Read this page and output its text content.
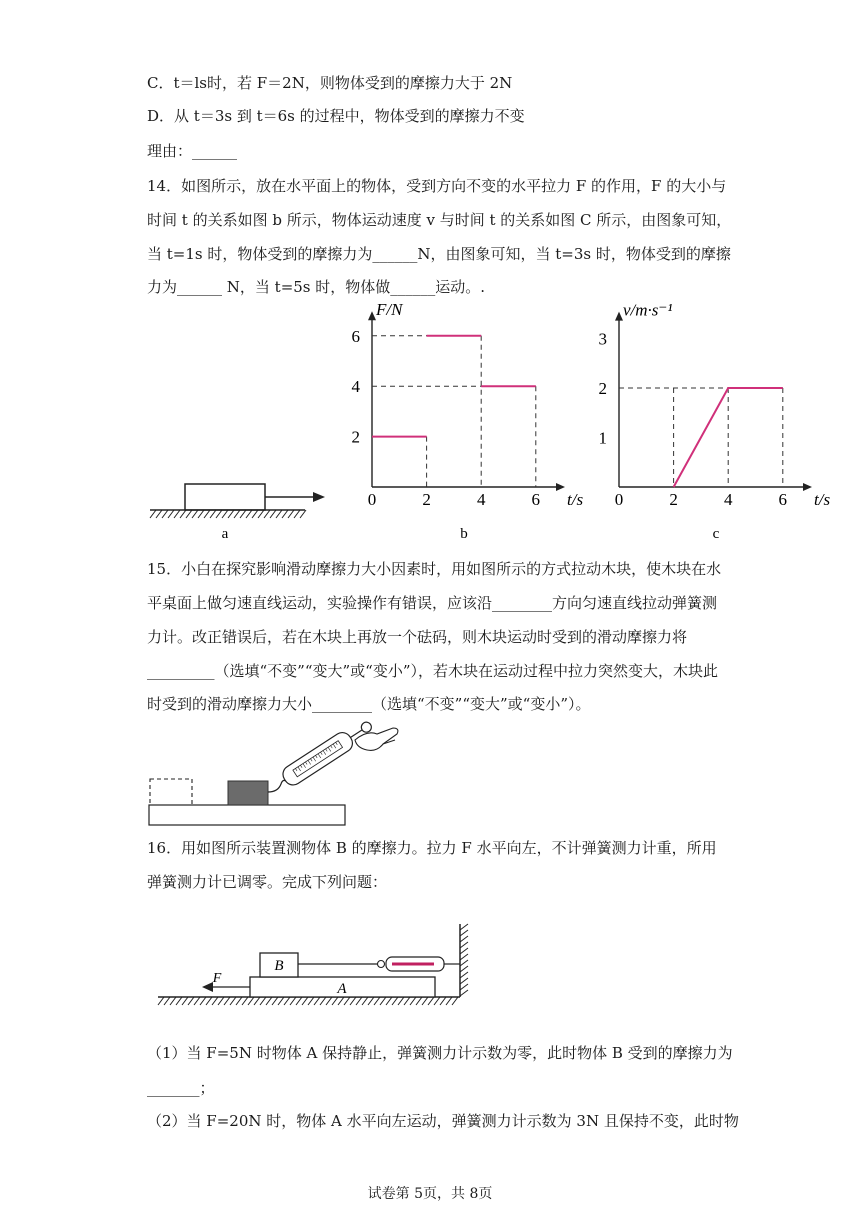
C．t＝ls时，若 F＝2N，则物体受到的摩擦力大于 2N
D．从 t＝3s 到 t＝6s 的过程中，物体受到的摩擦力不变
理由：______
14．如图所示，放在水平面上的物体，受到方向不变的水平拉力 F 的作用，F 的大小与
时间 t 的关系如图 b 所示，物体运动速度 v 与时间 t 的关系如图 C 所示，由图象可知，
当 t=1s 时，物体受到的摩擦力为______N，由图象可知，当 t=3s 时，物体受到的摩擦
力为______ N，当 t=5s 时，物体做______运动。.
a
F/N
t/s
0	2	4	6
2
4
6
b
v/m·s⁻¹
t/s
0	2	4	6
1
2
3
c
15．小白在探究影响滑动摩擦力大小因素时，用如图所示的方式拉动木块，使木块在水
平桌面上做匀速直线运动，实验操作有错误，应该沿________方向匀速直线拉动弹簧测
力计。改正错误后，若在木块上再放一个砝码，则木块运动时受到的滑动摩擦力将
_________（选填“不变”“变大”或“变小”），若木块在运动过程中拉力突然变大，木块此
时受到的滑动摩擦力大小________（选填“不变”“变大”或“变小”）。
16．用如图所示装置测物体 B 的摩擦力。拉力 F 水平向左，不计弹簧测力计重，所用
弹簧测力计已调零。完成下列问题：
A
B
F
（1）当 F=5N 时物体 A 保持静止，弹簧测力计示数为零，此时物体 B 受到的摩擦力为
_______；
（2）当 F=20N 时，物体 A 水平向左运动，弹簧测力计示数为 3N 且保持不变，此时物
试卷第 5页，共 8页
